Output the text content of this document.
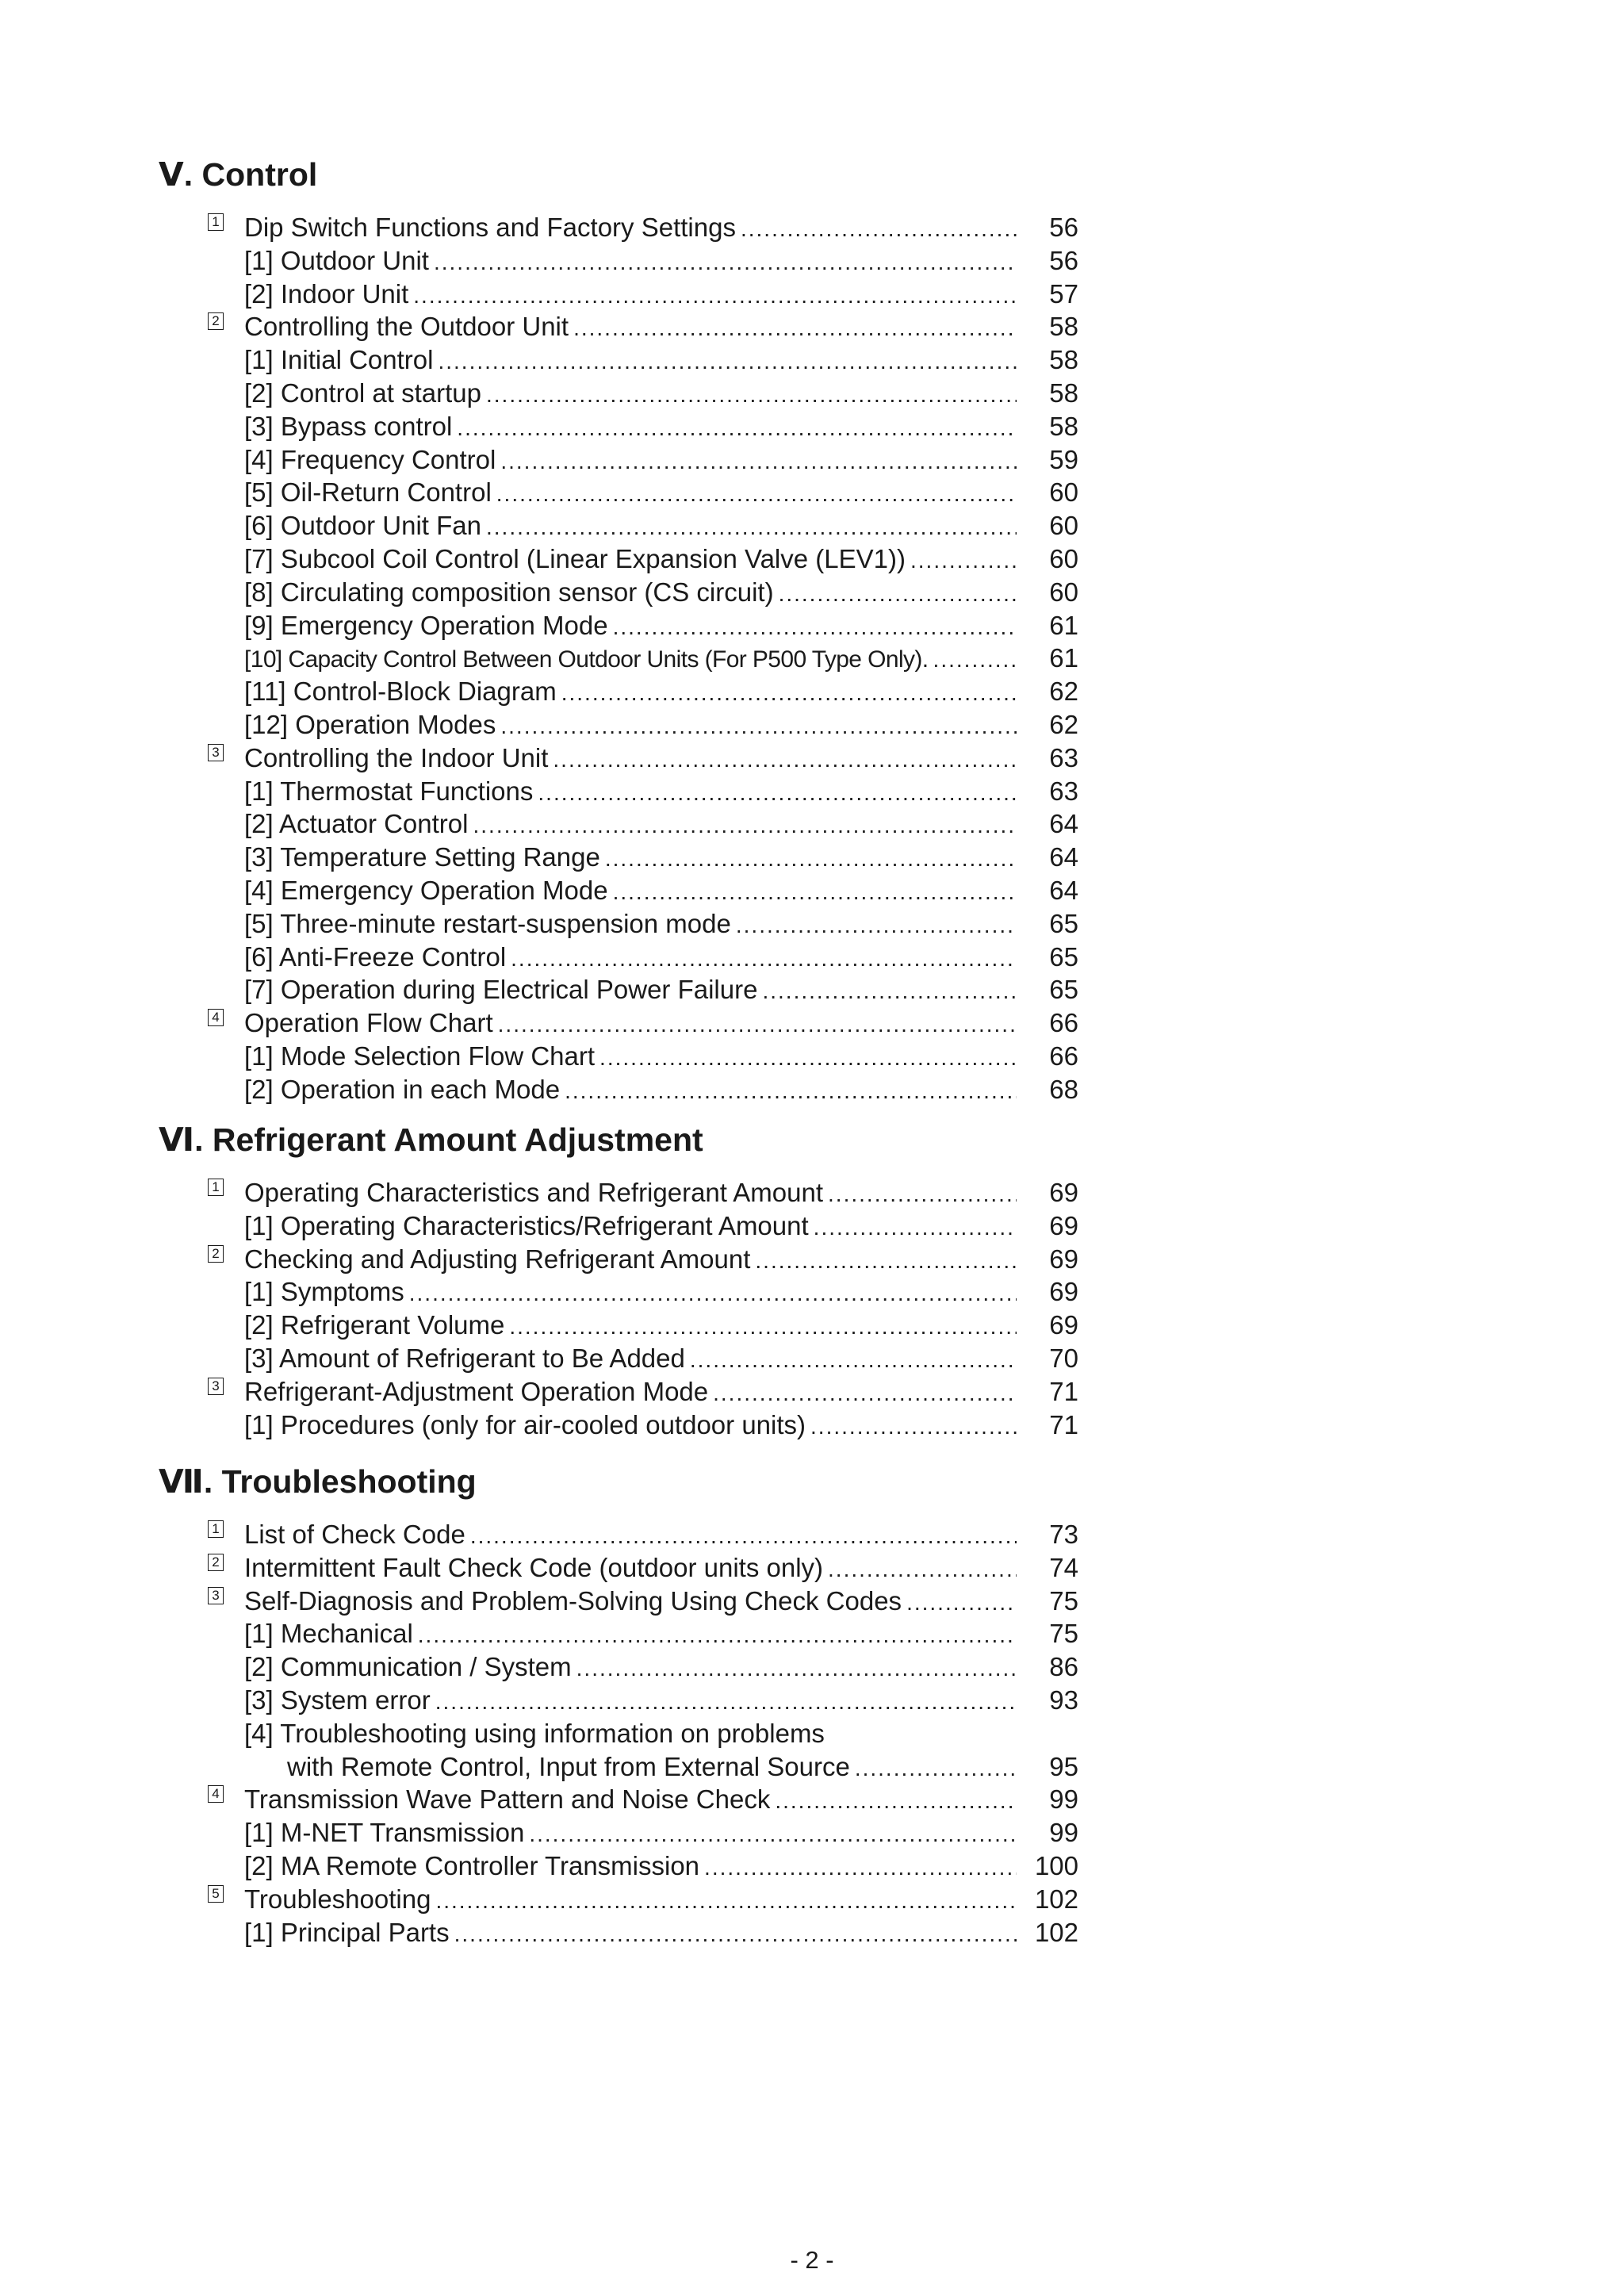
Ⅴ. Control
1 Dip Switch Functions and Factory Settings .....	56
[1] Outdoor Unit .....	56
[2] Indoor Unit .....	57
2 Controlling the Outdoor Unit .....	58
[1] Initial Control .....	58
[2] Control at startup .....	58
[3] Bypass control .....	58
[4] Frequency Control .....	59
[5] Oil-Return Control .....	60
[6] Outdoor Unit Fan .....	60
[7] Subcool Coil Control (Linear Expansion Valve (LEV1)) .....	60
[8] Circulating composition sensor (CS circuit) .....	60
[9] Emergency Operation Mode .....	61
[10] Capacity Control Between Outdoor Units (For P500 Type Only). .....	61
[11] Control-Block Diagram .....	62
[12] Operation Modes .....	62
3 Controlling the Indoor Unit .....	63
[1] Thermostat Functions .....	63
[2] Actuator Control .....	64
[3] Temperature Setting Range .....	64
[4] Emergency Operation Mode .....	64
[5] Three-minute restart-suspension mode .....	65
[6] Anti-Freeze Control .....	65
[7] Operation during Electrical Power Failure .....	65
4 Operation Flow Chart .....	66
[1] Mode Selection Flow Chart .....	66
[2] Operation in each Mode .....	68
Ⅵ. Refrigerant Amount Adjustment
1 Operating Characteristics and Refrigerant Amount .....	69
[1] Operating Characteristics/Refrigerant Amount .....	69
2 Checking and Adjusting Refrigerant Amount .....	69
[1] Symptoms .....	69
[2] Refrigerant Volume .....	69
[3] Amount of Refrigerant to Be Added .....	70
3 Refrigerant-Adjustment Operation Mode .....	71
[1] Procedures (only for air-cooled outdoor units) .....	71
Ⅶ. Troubleshooting
1 List of Check Code .....	73
2 Intermittent Fault Check Code (outdoor units only) .....	74
3 Self-Diagnosis and Problem-Solving Using Check Codes .....	75
[1] Mechanical .....	75
[2] Communication / System .....	86
[3] System error .....	93
[4] Troubleshooting using information on problems
with Remote Control, Input from External Source .....	95
4 Transmission Wave Pattern and Noise Check .....	99
[1] M-NET Transmission .....	99
[2] MA Remote Controller Transmission .....	100
5 Troubleshooting .....	102
[1] Principal Parts .....	102
- 2 -
